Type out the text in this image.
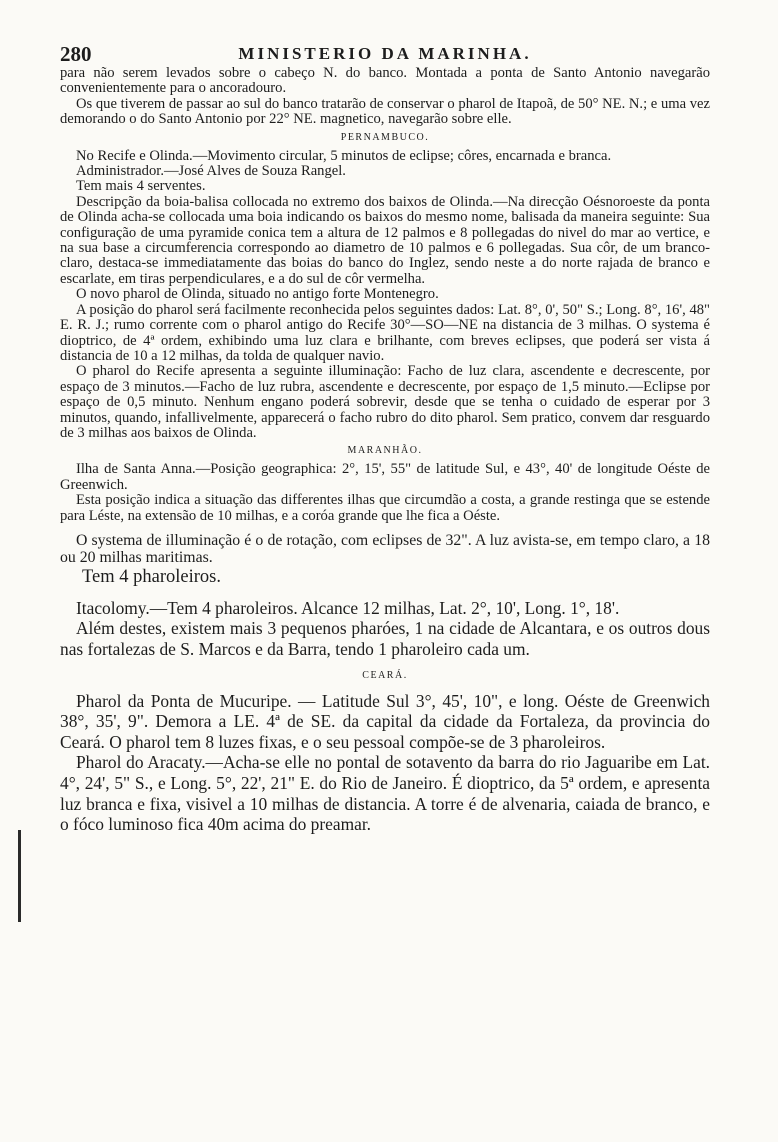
280	MINISTERIO DA MARINHA.

para não serem levados sobre o cabeço N. do banco. Montada a ponta de Santo Antonio navegarão convenientemente para o ancoradouro.

Os que tiverem de passar ao sul do banco tratarão de conservar o pharol de Itapoã, de 50° NE. N.; e uma vez demorando o do Santo Antonio por 22° NE. magnetico, navegarão sobre elle.

PERNAMBUCO.

No Recife e Olinda.—Movimento circular, 5 minutos de eclipse; côres, encarnada e branca.

Administrador.—José Alves de Souza Rangel.

Tem mais 4 serventes.

Descripção da boia-balisa collocada no extremo dos baixos de Olinda.—Na direcção Oésnoroeste da ponta de Olinda acha-se collocada uma boia indicando os baixos do mesmo nome, balisada da maneira seguinte: Sua configuração de uma pyramide conica tem a altura de 12 palmos e 8 pollegadas do nivel do mar ao vertice, e na sua base a circumferencia correspondo ao diametro de 10 palmos e 6 pollegadas. Sua côr, de um branco-claro, destaca-se immediatamente das boias do banco do Inglez, sendo neste a do norte rajada de branco e escarlate, em tiras perpendiculares, e a do sul de côr vermelha.

O novo pharol de Olinda, situado no antigo forte Montenegro.

A posição do pharol será facilmente reconhecida pelos seguintes dados: Lat. 8°, 0', 50" S.; Long. 8°, 16', 48" E. R. J.; rumo corrente com o pharol antigo do Recife 30°—SO—NE na distancia de 3 milhas. O systema é dioptrico, de 4ª ordem, exhibindo uma luz clara e brilhante, com breves eclipses, que poderá ser vista á distancia de 10 a 12 milhas, da tolda de qualquer navio.

O pharol do Recife apresenta a seguinte illuminação: Facho de luz clara, ascendente e decrescente, por espaço de 3 minutos.—Facho de luz rubra, ascendente e decrescente, por espaço de 1,5 minuto.—Eclipse por espaço de 0,5 minuto. Nenhum engano poderá sobrevir, desde que se tenha o cuidado de esperar por 3 minutos, quando, infallivelmente, apparecerá o facho rubro do dito pharol. Sem pratico, convem dar resguardo de 3 milhas aos baixos de Olinda.

MARANHÃO.

Ilha de Santa Anna.—Posição geographica: 2°, 15', 55" de latitude Sul, e 43°, 40' de longitude Oéste de Greenwich.

Esta posição indica a situação das differentes ilhas que circumdão a costa, a grande restinga que se estende para Léste, na extensão de 10 milhas, e a coróa grande que lhe fica a Oéste.

O systema de illuminação é o de rotação, com eclipses de 32". A luz avista-se, em tempo claro, a 18 ou 20 milhas maritimas.

Tem 4 pharoleiros.

Itacolomy.—Tem 4 pharoleiros. Alcance 12 milhas, Lat. 2°, 10', Long. 1°, 18'.

Além destes, existem mais 3 pequenos pharóes, 1 na cidade de Alcantara, e os outros dous nas fortalezas de S. Marcos e da Barra, tendo 1 pharoleiro cada um.

CEARÁ.

Pharol da Ponta de Mucuripe. — Latitude Sul 3°, 45', 10", e long. Oéste de Greenwich 38°, 35', 9". Demora a LE. 4ª de SE. da capital da cidade da Fortaleza, da provincia do Ceará. O pharol tem 8 luzes fixas, e o seu pessoal compõe-se de 3 pharoleiros.

Pharol do Aracaty.—Acha-se elle no pontal de sotavento da barra do rio Jaguaribe em Lat. 4°, 24', 5" S., e Long. 5°, 22', 21" E. do Rio de Janeiro. É dioptrico, da 5ª ordem, e apresenta luz branca e fixa, visivel a 10 milhas de distancia. A torre é de alvenaria, caiada de branco, e o fóco luminoso fica 40m acima do preamar.
